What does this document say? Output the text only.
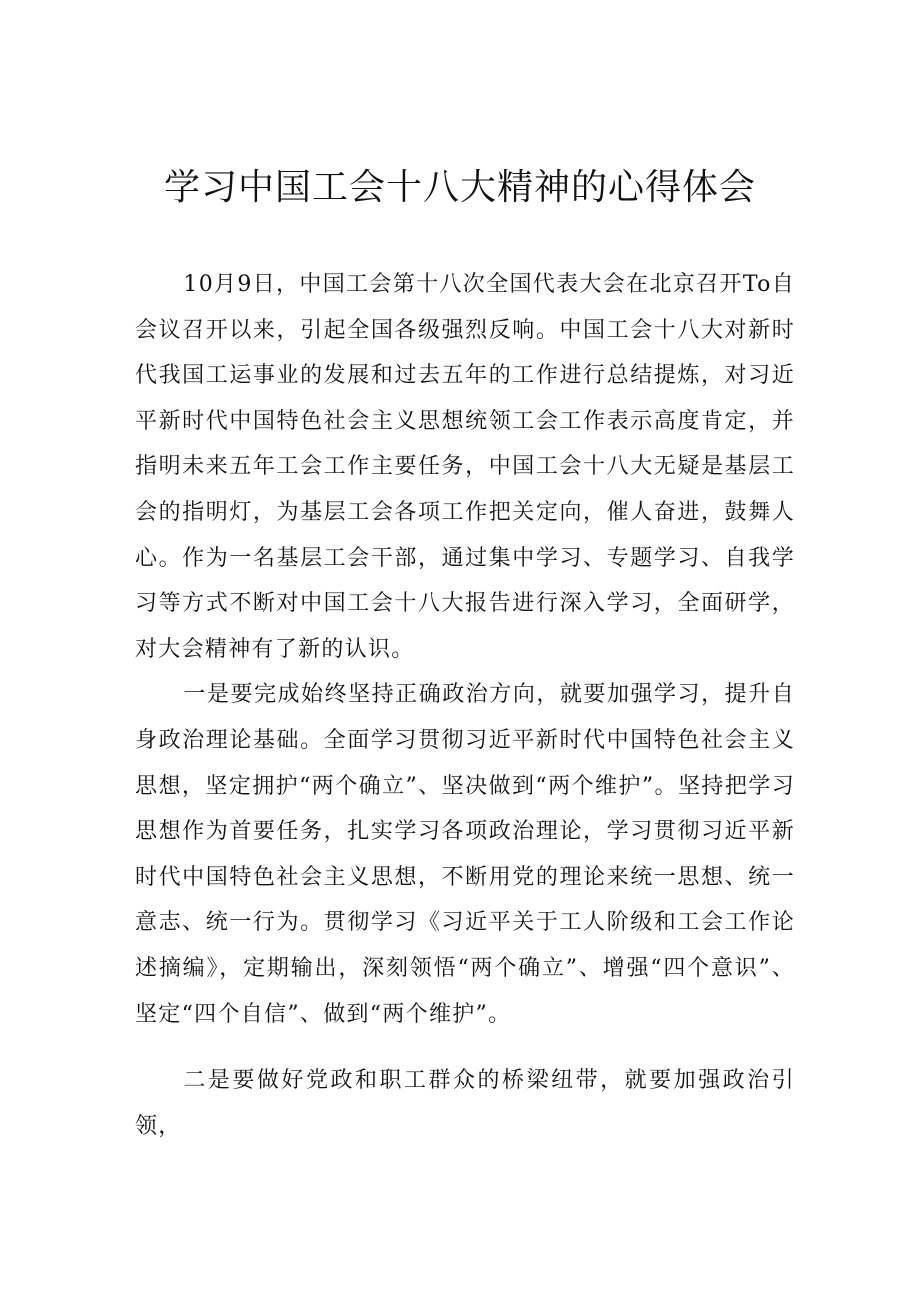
学习中国工会十八大精神的心得体会

10月9日，中国工会第十八次全国代表大会在北京召开To自会议召开以来，引起全国各级强烈反响。中国工会十八大对新时代我国工运事业的发展和过去五年的工作进行总结提炼，对习近平新时代中国特色社会主义思想统领工会工作表示高度肯定，并指明未来五年工会工作主要任务，中国工会十八大无疑是基层工会的指明灯，为基层工会各项工作把关定向，催人奋进，鼓舞人心。作为一名基层工会干部，通过集中学习、专题学习、自我学习等方式不断对中国工会十八大报告进行深入学习，全面研学，对大会精神有了新的认识。

一是要完成始终坚持正确政治方向，就要加强学习，提升自身政治理论基础。全面学习贯彻习近平新时代中国特色社会主义思想，坚定拥护“两个确立”、坚决做到“两个维护”。坚持把学习思想作为首要任务，扎实学习各项政治理论，学习贯彻习近平新时代中国特色社会主义思想，不断用党的理论来统一思想、统一意志、统一行为。贯彻学习《习近平关于工人阶级和工会工作论述摘编》，定期输出，深刻领悟“两个确立”、增强“四个意识”、坚定“四个自信”、做到“两个维护”。

二是要做好党政和职工群众的桥梁纽带，就要加强政治引领，
